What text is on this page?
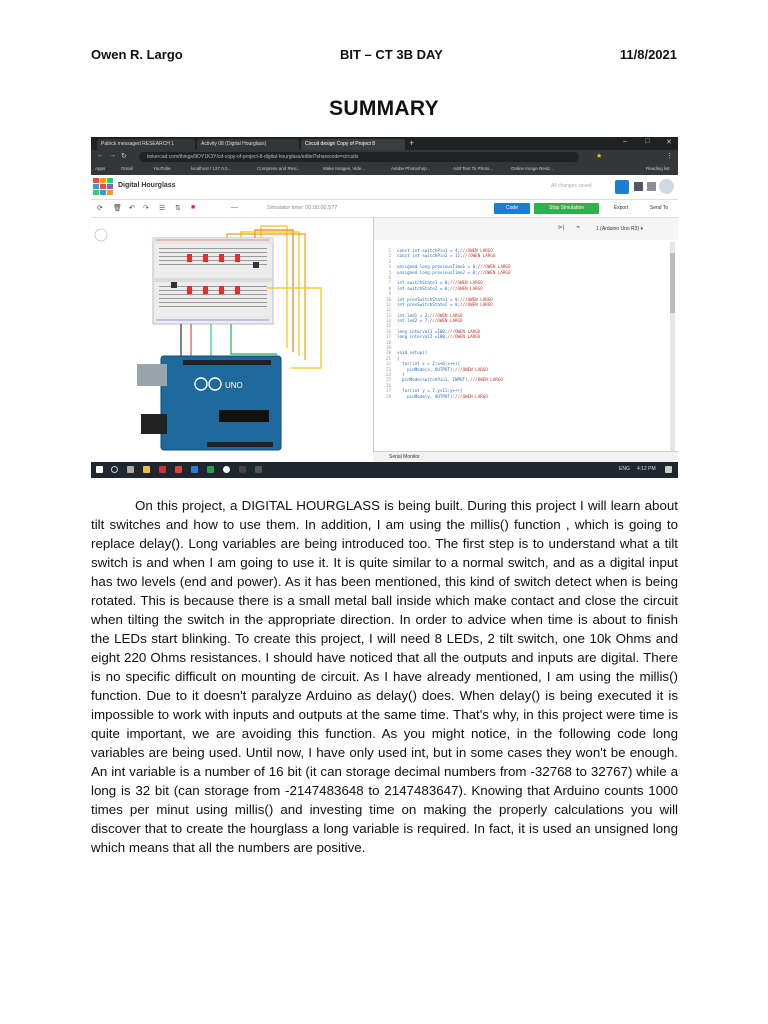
Owen R. Largo	BIT – CT 3B DAY	11/8/2021
SUMMARY
Patrick messaged RESEARCH 1	Activity 08 (Digital Hourglass)	Circuit design Copy of Project 8	+	–	□ ✕
← → ↻	tinkercad.com/things/9OY1K3Y/cd-copy-of-project-8-digital-hourglass/editel?sharecode=circuits	★	⋮
Apps	Gmail	YouTube	localhost / 127.0.0...	Compress and Resi...	Make Images, Vide...	Adobe Photoshop...	Add Text To Photo...	Online Image Resiz...	Reading list
Digital Hourglass	All changes saved
⟳ 🗑 ↶ ↷ ☰ ⇅ ■	—	Simulator time: 00:00:00.577	Code	Stop Simulation	Export	Send To
UNO
⊳| ⌁	1 (Arduino Uno R3) ▾
1 const int switchPin1 = 4;///OWEN LARGO
2 const int switchPin2 = 11;///OWEN LARGO
3
4 unsigned long previousTime1 = 0;///OWEN LARGO
5 unsigned long previousTime2 = 0;///OWEN LARGO
6
7 int switchState1 = 0;///OWEN LARGO
8 int switchState2 = 0;///OWEN LARGO
9
10 int prevSwitchState1 = 0;///OWEN LARGO
11 int prevSwitchState2 = 0;///OWEN LARGO
12
13 int led1 = 2;///OWEN LARGO
14 int led2 = 7;///OWEN LARGO
15
16 long interval1 =100;///OWEN LARGO
17 long interval2 =100;///OWEN LARGO
18
19
20 void setup()
21 {
22  for(int x = 2;x<6;x++){
23    pinMode(x, OUTPUT);///OWEN LARGO
24  }
25  pinMode(switchPin1, INPUT);///OWEN LARGO
26
27  for(int y = 7;y<11;y++){
28    pinMode(y, OUTPUT);///OWEN LARGO
Serial Monitor
ENG 4:12 PM

On this project, a DIGITAL HOURGLASS is being built. During this project I will learn about tilt switches and how to use them. In addition, I am using the millis() function , which is going to replace delay(). Long variables are being introduced too. The first step is to understand what a tilt switch is and when I am going to use it. It is quite similar to a normal switch, and as a digital input has two levels (end and power). As it has been mentioned, this kind of switch detect when is being rotated. This is because there is a small metal ball inside which make contact and close the circuit when tilting the switch in the appropriate direction. In order to advice when time is about to finish the LEDs start blinking. To create this project, I will need 8 LEDs, 2 tilt switch, one 10k Ohms and eight 220 Ohms resistances. I should have noticed that all the outputs and inputs are digital. There is no specific difficult on mounting de circuit. As I have already mentioned, I am using the millis() function. Due to it doesn't paralyze Arduino as delay() does. When delay() is being executed it is impossible to work with inputs and outputs at the same time. That's why, in this project were time is quite important, we are avoiding this function. As you might notice, in the following code long variables are being used. Until now, I have only used int, but in some cases they won't be enough. An int variable is a number of 16 bit (it can storage decimal numbers from -32768 to 32767) while a long is 32 bit (can storage from -2147483648 to 2147483647). Knowing that Arduino counts 1000 times per minut using millis() and investing time on making the properly calculations you will discover that to create the hourglass a long variable is required. In fact, it is used an unsigned long which means that all the numbers are positive.
